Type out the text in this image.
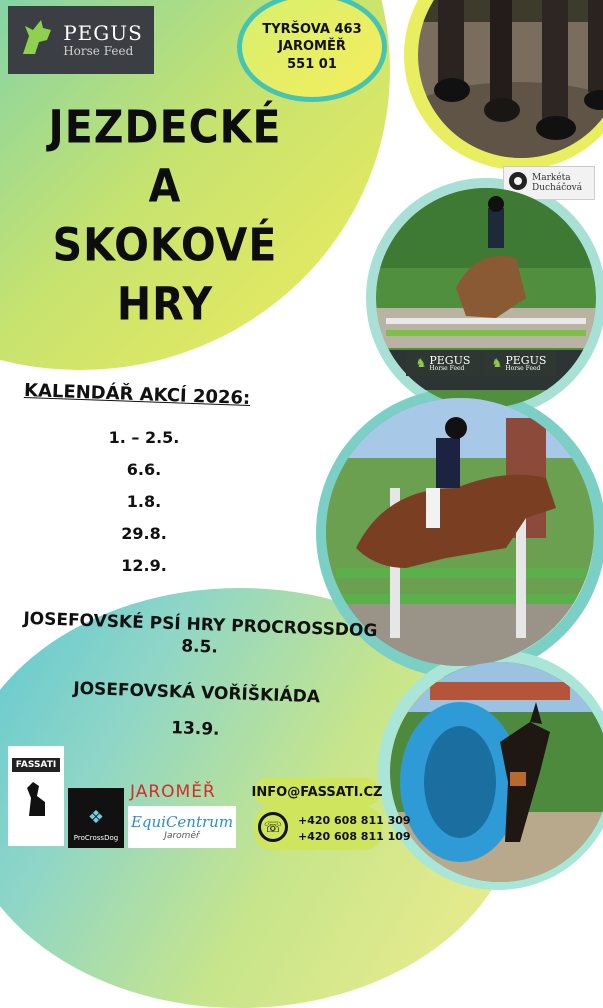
Markéta
Ducháčová
♞ PEGUS
Horse Feed	♞ PEGUS
Horse Feed
PEGUS
Horse Feed
TYRŠOVA 463
JAROMĚŘ
551 01
JEZDECKÉ
A
SKOKOVÉ
HRY
KALENDÁŘ AKCÍ 2026:
1. – 2.5.
6.6.
1.8.
29.8.
12.9.
JOSEFOVSKÉ PSÍ HRY PROCROSSDOG
8.5.
JOSEFOVSKÁ VOŘÍŠKIÁDA
13.9.
FASSATI
❖
ProCrossDog
JAROMĚŘ
EquiCentrum
Jaroměř
INFO@FASSATI.CZ
☏	+420 608 811 309
+420 608 811 109
